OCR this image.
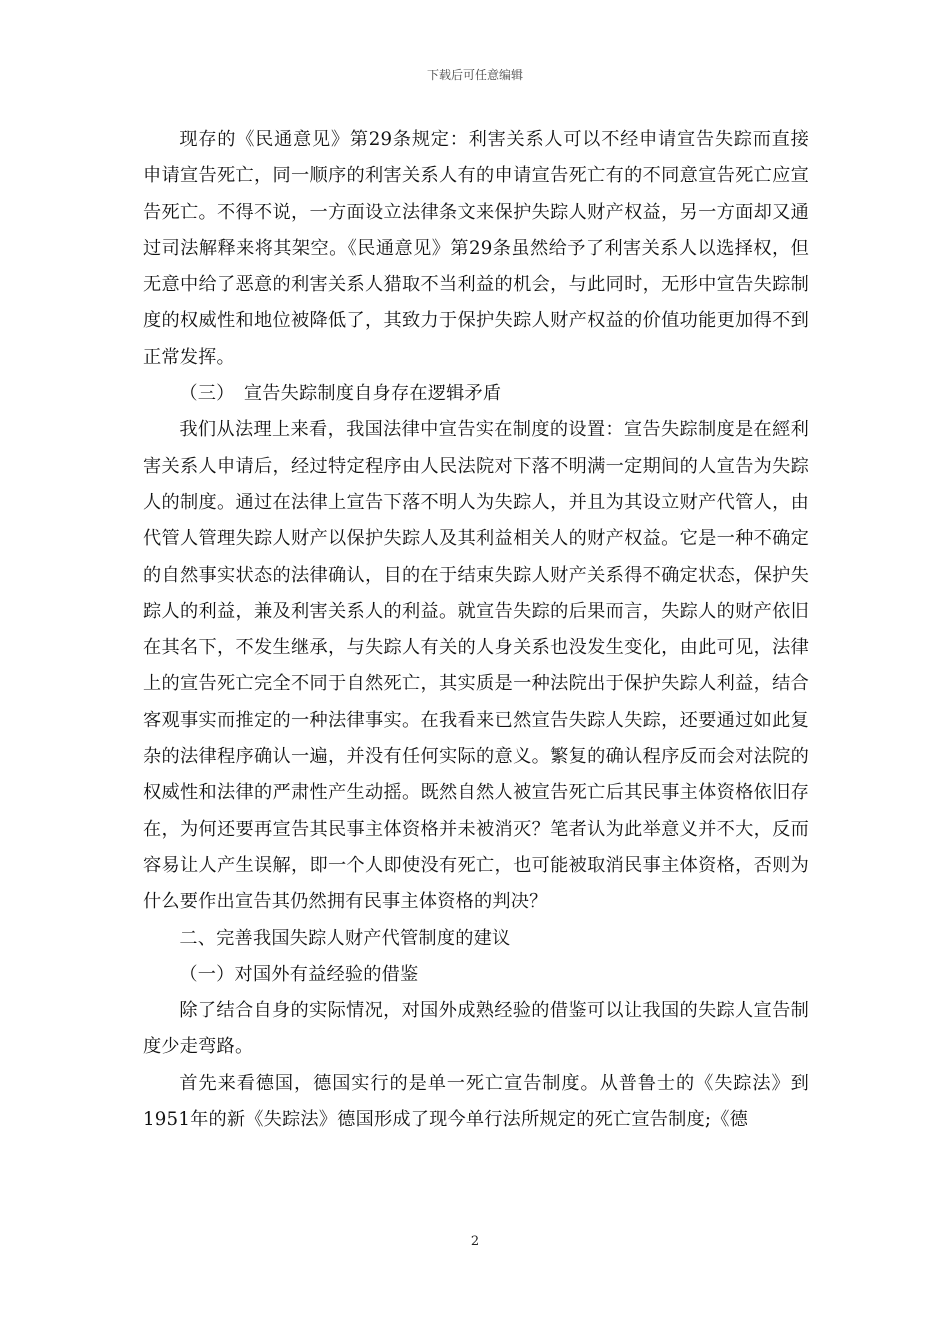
下载后可任意编辑

现存的《民通意见》第29条规定：利害关系人可以不经申请宣告失踪而直接申请宣告死亡，同一顺序的利害关系人有的申请宣告死亡有的不同意宣告死亡应宣告死亡。不得不说，一方面设立法律条文来保护失踪人财产权益，另一方面却又通过司法解释来将其架空。《民通意见》第29条虽然给予了利害关系人以选择权，但无意中给了恶意的利害关系人猎取不当利益的机会，与此同时，无形中宣告失踪制度的权威性和地位被降低了，其致力于保护失踪人财产权益的价值功能更加得不到正常发挥。

（三）　宣告失踪制度自身存在逻辑矛盾

我们从法理上来看，我国法律中宣告实在制度的设置：宣告失踪制度是在經利害关系人申请后，经过特定程序由人民法院对下落不明满一定期间的人宣告为失踪人的制度。通过在法律上宣告下落不明人为失踪人，并且为其设立财产代管人，由代管人管理失踪人财产以保护失踪人及其利益相关人的财产权益。它是一种不确定的自然事实状态的法律确认，目的在于结束失踪人财产关系得不确定状态，保护失踪人的利益，兼及利害关系人的利益。就宣告失踪的后果而言，失踪人的财产依旧在其名下，不发生继承，与失踪人有关的人身关系也没发生变化，由此可见，法律上的宣告死亡完全不同于自然死亡，其实质是一种法院出于保护失踪人利益，结合客观事实而推定的一种法律事实。在我看来已然宣告失踪人失踪，还要通过如此复杂的法律程序确认一遍，并没有任何实际的意义。繁复的确认程序反而会对法院的权威性和法律的严肃性产生动摇。既然自然人被宣告死亡后其民事主体资格依旧存在，为何还要再宣告其民事主体资格并未被消灭？笔者认为此举意义并不大，反而容易让人产生误解，即一个人即使没有死亡，也可能被取消民事主体资格，否则为什么要作出宣告其仍然拥有民事主体资格的判决？

二、完善我国失踪人财产代管制度的建议

（一）对国外有益经验的借鉴

除了结合自身的实际情况，对国外成熟经验的借鉴可以让我国的失踪人宣告制度少走弯路。

首先来看德国，德国实行的是单一死亡宣告制度。从普鲁士的《失踪法》到1951年的新《失踪法》德国形成了现今单行法所规定的死亡宣告制度;《德

2
